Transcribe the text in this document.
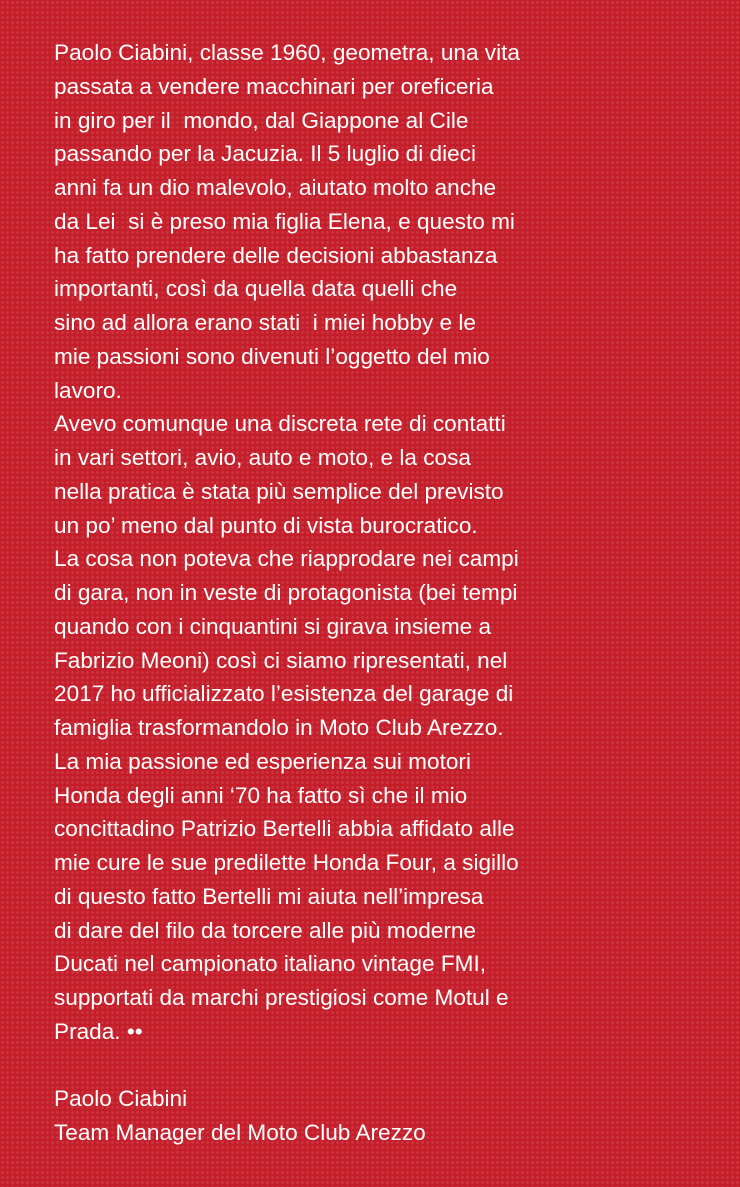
Paolo Ciabini, classe 1960, geometra, una vita
passata a vendere macchinari per oreficeria
in giro per il  mondo, dal Giappone al Cile
passando per la Jacuzia. Il 5 luglio di dieci
anni fa un dio malevolo, aiutato molto anche
da Lei  si è preso mia figlia Elena, e questo mi
ha fatto prendere delle decisioni abbastanza
importanti, così da quella data quelli che
sino ad allora erano stati  i miei hobby e le
mie passioni sono divenuti l’oggetto del mio
lavoro.
Avevo comunque una discreta rete di contatti
in vari settori, avio, auto e moto, e la cosa
nella pratica è stata più semplice del previsto
un po’ meno dal punto di vista burocratico.
La cosa non poteva che riapprodare nei campi
di gara, non in veste di protagonista (bei tempi
quando con i cinquantini si girava insieme a
Fabrizio Meoni) così ci siamo ripresentati, nel
2017 ho ufficializzato l’esistenza del garage di
famiglia trasformandolo in Moto Club Arezzo.
La mia passione ed esperienza sui motori
Honda degli anni ‘70 ha fatto sì che il mio
concittadino Patrizio Bertelli abbia affidato alle
mie cure le sue predilette Honda Four, a sigillo
di questo fatto Bertelli mi aiuta nell’impresa
di dare del filo da torcere alle più moderne
Ducati nel campionato italiano vintage FMI,
supportati da marchi prestigiosi come Motul e
Prada. ••
Paolo Ciabini
Team Manager del Moto Club Arezzo
